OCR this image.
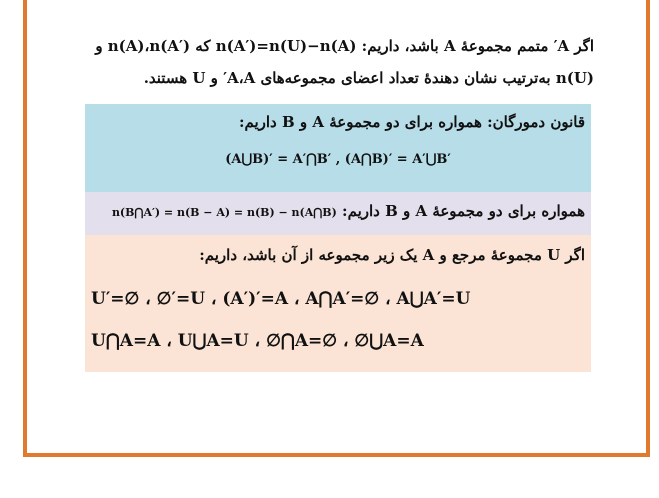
اگر A′ متمم مجموعهٔ A باشد، داریم: n(A′)=n(U)−n(A) که n(A)،n(A′) و
n(U) به‌ترتیب نشان دهندهٔ تعداد اعضای مجموعه‌های A،A′ و U هستند.
قانون دمورگان: همواره برای دو مجموعهٔ A و B داریم:
(A⋃B)′ = A′⋂B′ , (A⋂B)′ = A′⋃B′
همواره برای دو مجموعهٔ A و B داریم: n(B⋂A′) = n(B − A) = n(B) − n(A⋂B)
اگر U مجموعهٔ مرجع و A یک زیر مجموعه از آن باشد، داریم:
U′=∅ ، ∅′=U ، (A′)′=A ، A⋂A′=∅ ، A⋃A′=U
U⋂A=A ، U⋃A=U ، ∅⋂A=∅ ، ∅⋃A=A
